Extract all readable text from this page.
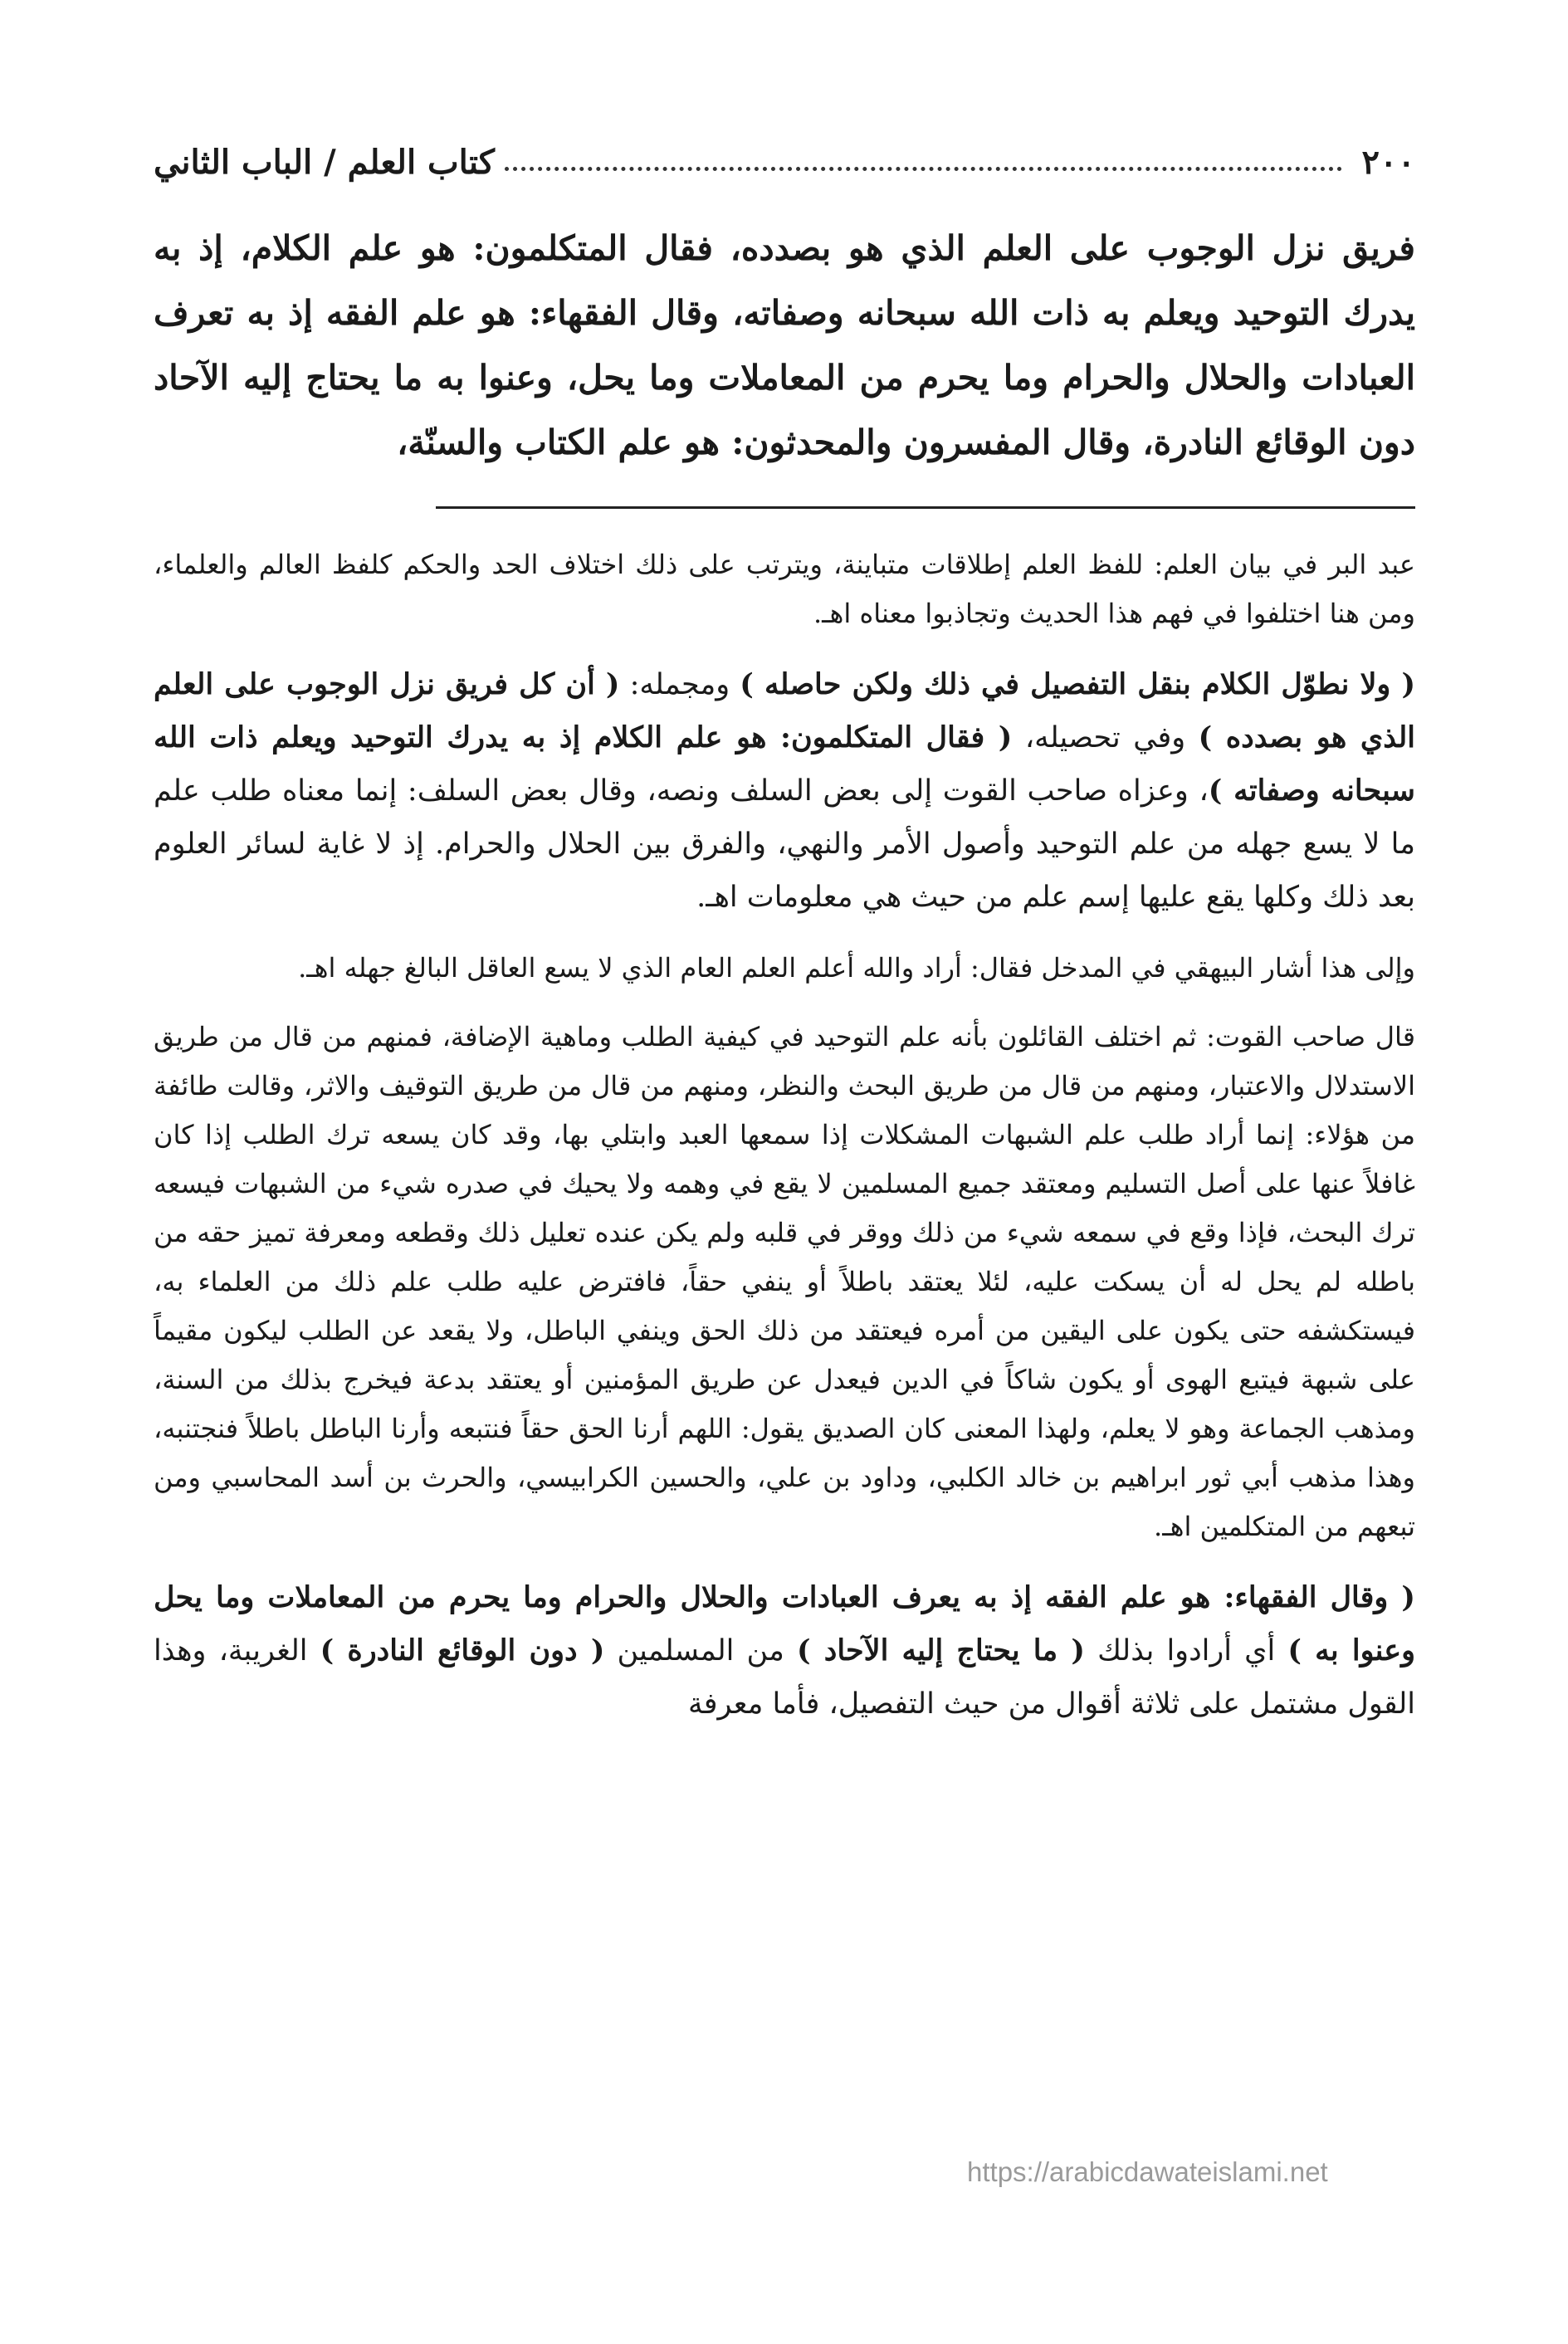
٢٠٠
كتاب العلم / الباب الثاني
فريق نزل الوجوب على العلم الذي هو بصدده، فقال المتكلمون: هو علم الكلام، إذ به يدرك التوحيد ويعلم به ذات الله سبحانه وصفاته، وقال الفقهاء: هو علم الفقه إذ به تعرف العبادات والحلال والحرام وما يحرم من المعاملات وما يحل، وعنوا به ما يحتاج إليه الآحاد دون الوقائع النادرة، وقال المفسرون والمحدثون: هو علم الكتاب والسنّة،

عبد البر في بيان العلم: للفظ العلم إطلاقات متباينة، ويترتب على ذلك اختلاف الحد والحكم كلفظ العالم والعلماء، ومن هنا اختلفوا في فهم هذا الحديث وتجاذبوا معناه اهـ.

( ولا نطوّل الكلام بنقل التفصيل في ذلك ولكن حاصله ) ومجمله: ( أن كل فريق نزل الوجوب على العلم الذي هو بصدده ) وفي تحصيله، ( فقال المتكلمون: هو علم الكلام إذ به يدرك التوحيد ويعلم ذات الله سبحانه وصفاته )، وعزاه صاحب القوت إلى بعض السلف ونصه، وقال بعض السلف: إنما معناه طلب علم ما لا يسع جهله من علم التوحيد وأصول الأمر والنهي، والفرق بين الحلال والحرام. إذ لا غاية لسائر العلوم بعد ذلك وكلها يقع عليها إسم علم من حيث هي معلومات اهـ.

وإلى هذا أشار البيهقي في المدخل فقال: أراد والله أعلم العلم العام الذي لا يسع العاقل البالغ جهله اهـ.

قال صاحب القوت: ثم اختلف القائلون بأنه علم التوحيد في كيفية الطلب وماهية الإضافة، فمنهم من قال من طريق الاستدلال والاعتبار، ومنهم من قال من طريق البحث والنظر، ومنهم من قال من طريق التوقيف والاثر، وقالت طائفة من هؤلاء: إنما أراد طلب علم الشبهات المشكلات إذا سمعها العبد وابتلي بها، وقد كان يسعه ترك الطلب إذا كان غافلاً عنها على أصل التسليم ومعتقد جميع المسلمين لا يقع في وهمه ولا يحيك في صدره شيء من الشبهات فيسعه ترك البحث، فإذا وقع في سمعه شيء من ذلك ووقر في قلبه ولم يكن عنده تعليل ذلك وقطعه ومعرفة تميز حقه من باطله لم يحل له أن يسكت عليه، لئلا يعتقد باطلاً أو ينفي حقاً، فافترض عليه طلب علم ذلك من العلماء به، فيستكشفه حتى يكون على اليقين من أمره فيعتقد من ذلك الحق وينفي الباطل، ولا يقعد عن الطلب ليكون مقيماً على شبهة فيتبع الهوى أو يكون شاكاً في الدين فيعدل عن طريق المؤمنين أو يعتقد بدعة فيخرج بذلك من السنة، ومذهب الجماعة وهو لا يعلم، ولهذا المعنى كان الصديق يقول: اللهم أرنا الحق حقاً فنتبعه وأرنا الباطل باطلاً فنجتنبه، وهذا مذهب أبي ثور ابراهيم بن خالد الكلبي، وداود بن علي، والحسين الكرابيسي، والحرث بن أسد المحاسبي ومن تبعهم من المتكلمين اهـ.

( وقال الفقهاء: هو علم الفقه إذ به يعرف العبادات والحلال والحرام وما يحرم من المعاملات وما يحل وعنوا به ) أي أرادوا بذلك ( ما يحتاج إليه الآحاد ) من المسلمين ( دون الوقائع النادرة ) الغريبة، وهذا القول مشتمل على ثلاثة أقوال من حيث التفصيل، فأما معرفة

https://arabicdawateislami.net
